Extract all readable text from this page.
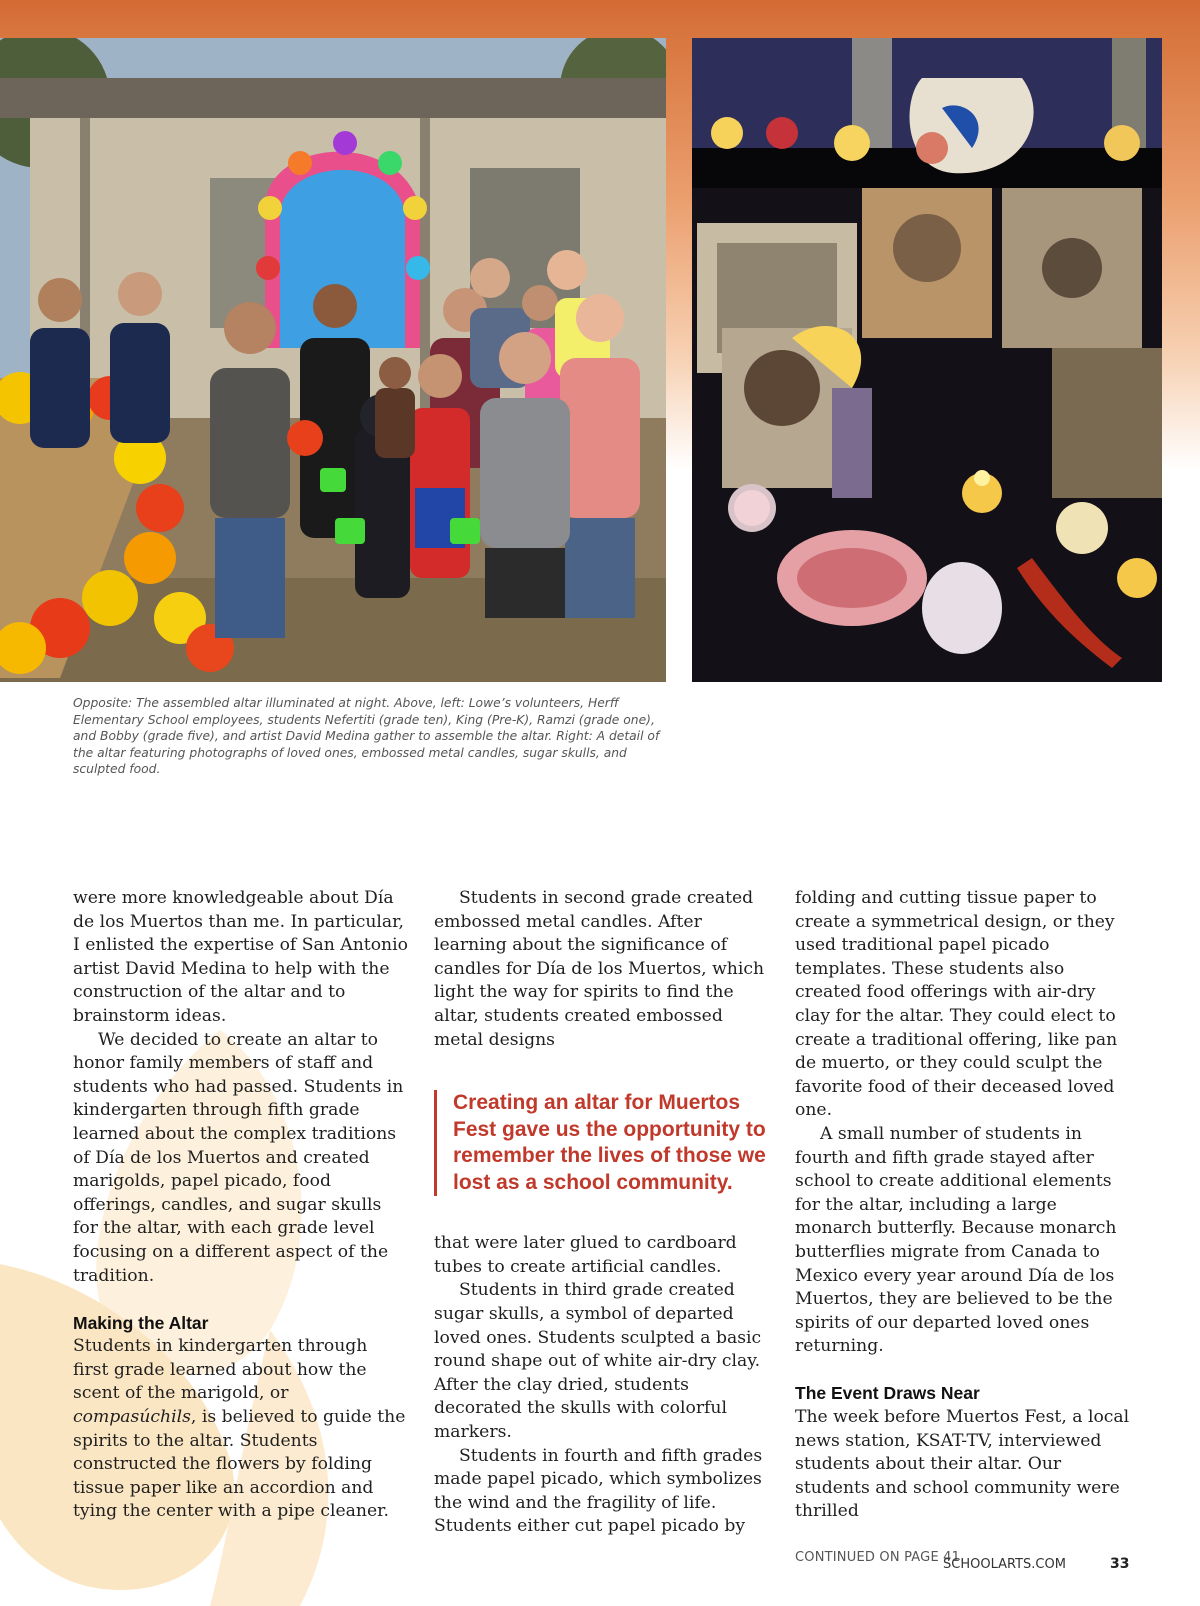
Opposite: The assembled altar illuminated at night. Above, left: Lowe’s volunteers, Herff Elementary School employees, students Nefertiti (grade ten), King (Pre-K), Ramzi (grade one), and Bobby (grade five), and artist David Medina gather to assemble the altar. Right: A detail of the altar featuring photographs of loved ones, embossed metal candles, sugar skulls, and sculpted food.

were more knowledgeable about Día de los Muertos than me. In particular, I enlisted the expertise of San Antonio artist David Medina to help with the construction of the altar and to brainstorm ideas.

We decided to create an altar to honor family members of staff and students who had passed. Students in kindergarten through fifth grade learned about the complex traditions of Día de los Muertos and created marigolds, papel picado, food offerings, candles, and sugar skulls for the altar, with each grade level focusing on a different aspect of the tradition.

Making the Altar

Students in kindergarten through first grade learned about how the scent of the marigold, or compasúchils, is believed to guide the spirits to the altar. Students constructed the flowers by folding tissue paper like an accordion and tying the center with a pipe cleaner.

Students in second grade created embossed metal candles. After learning about the significance of candles for Día de los Muertos, which light the way for spirits to find the altar, students created embossed metal designs

Creating an altar for Muertos Fest gave us the opportunity to remember the lives of those we lost as a school community.

that were later glued to cardboard tubes to create artificial candles.

Students in third grade created sugar skulls, a symbol of departed loved ones. Students sculpted a basic round shape out of white air-dry clay. After the clay dried, students decorated the skulls with colorful markers.

Students in fourth and fifth grades made papel picado, which symbolizes the wind and the fragility of life. Students either cut papel picado by

folding and cutting tissue paper to create a symmetrical design, or they used traditional papel picado templates. These students also created food offerings with air-dry clay for the altar. They could elect to create a traditional offering, like pan de muerto, or they could sculpt the favorite food of their deceased loved one.

A small number of students in fourth and fifth grade stayed after school to create additional elements for the altar, including a large monarch butterfly. Because monarch butterflies migrate from Canada to Mexico every year around Día de los Muertos, they are believed to be the spirits of our departed loved ones returning.

The Event Draws Near

The week before Muertos Fest, a local news station, KSAT-TV, interviewed students about their altar. Our students and school community were thrilled

CONTINUED ON PAGE 41.
SCHOOLARTS.COM	33
